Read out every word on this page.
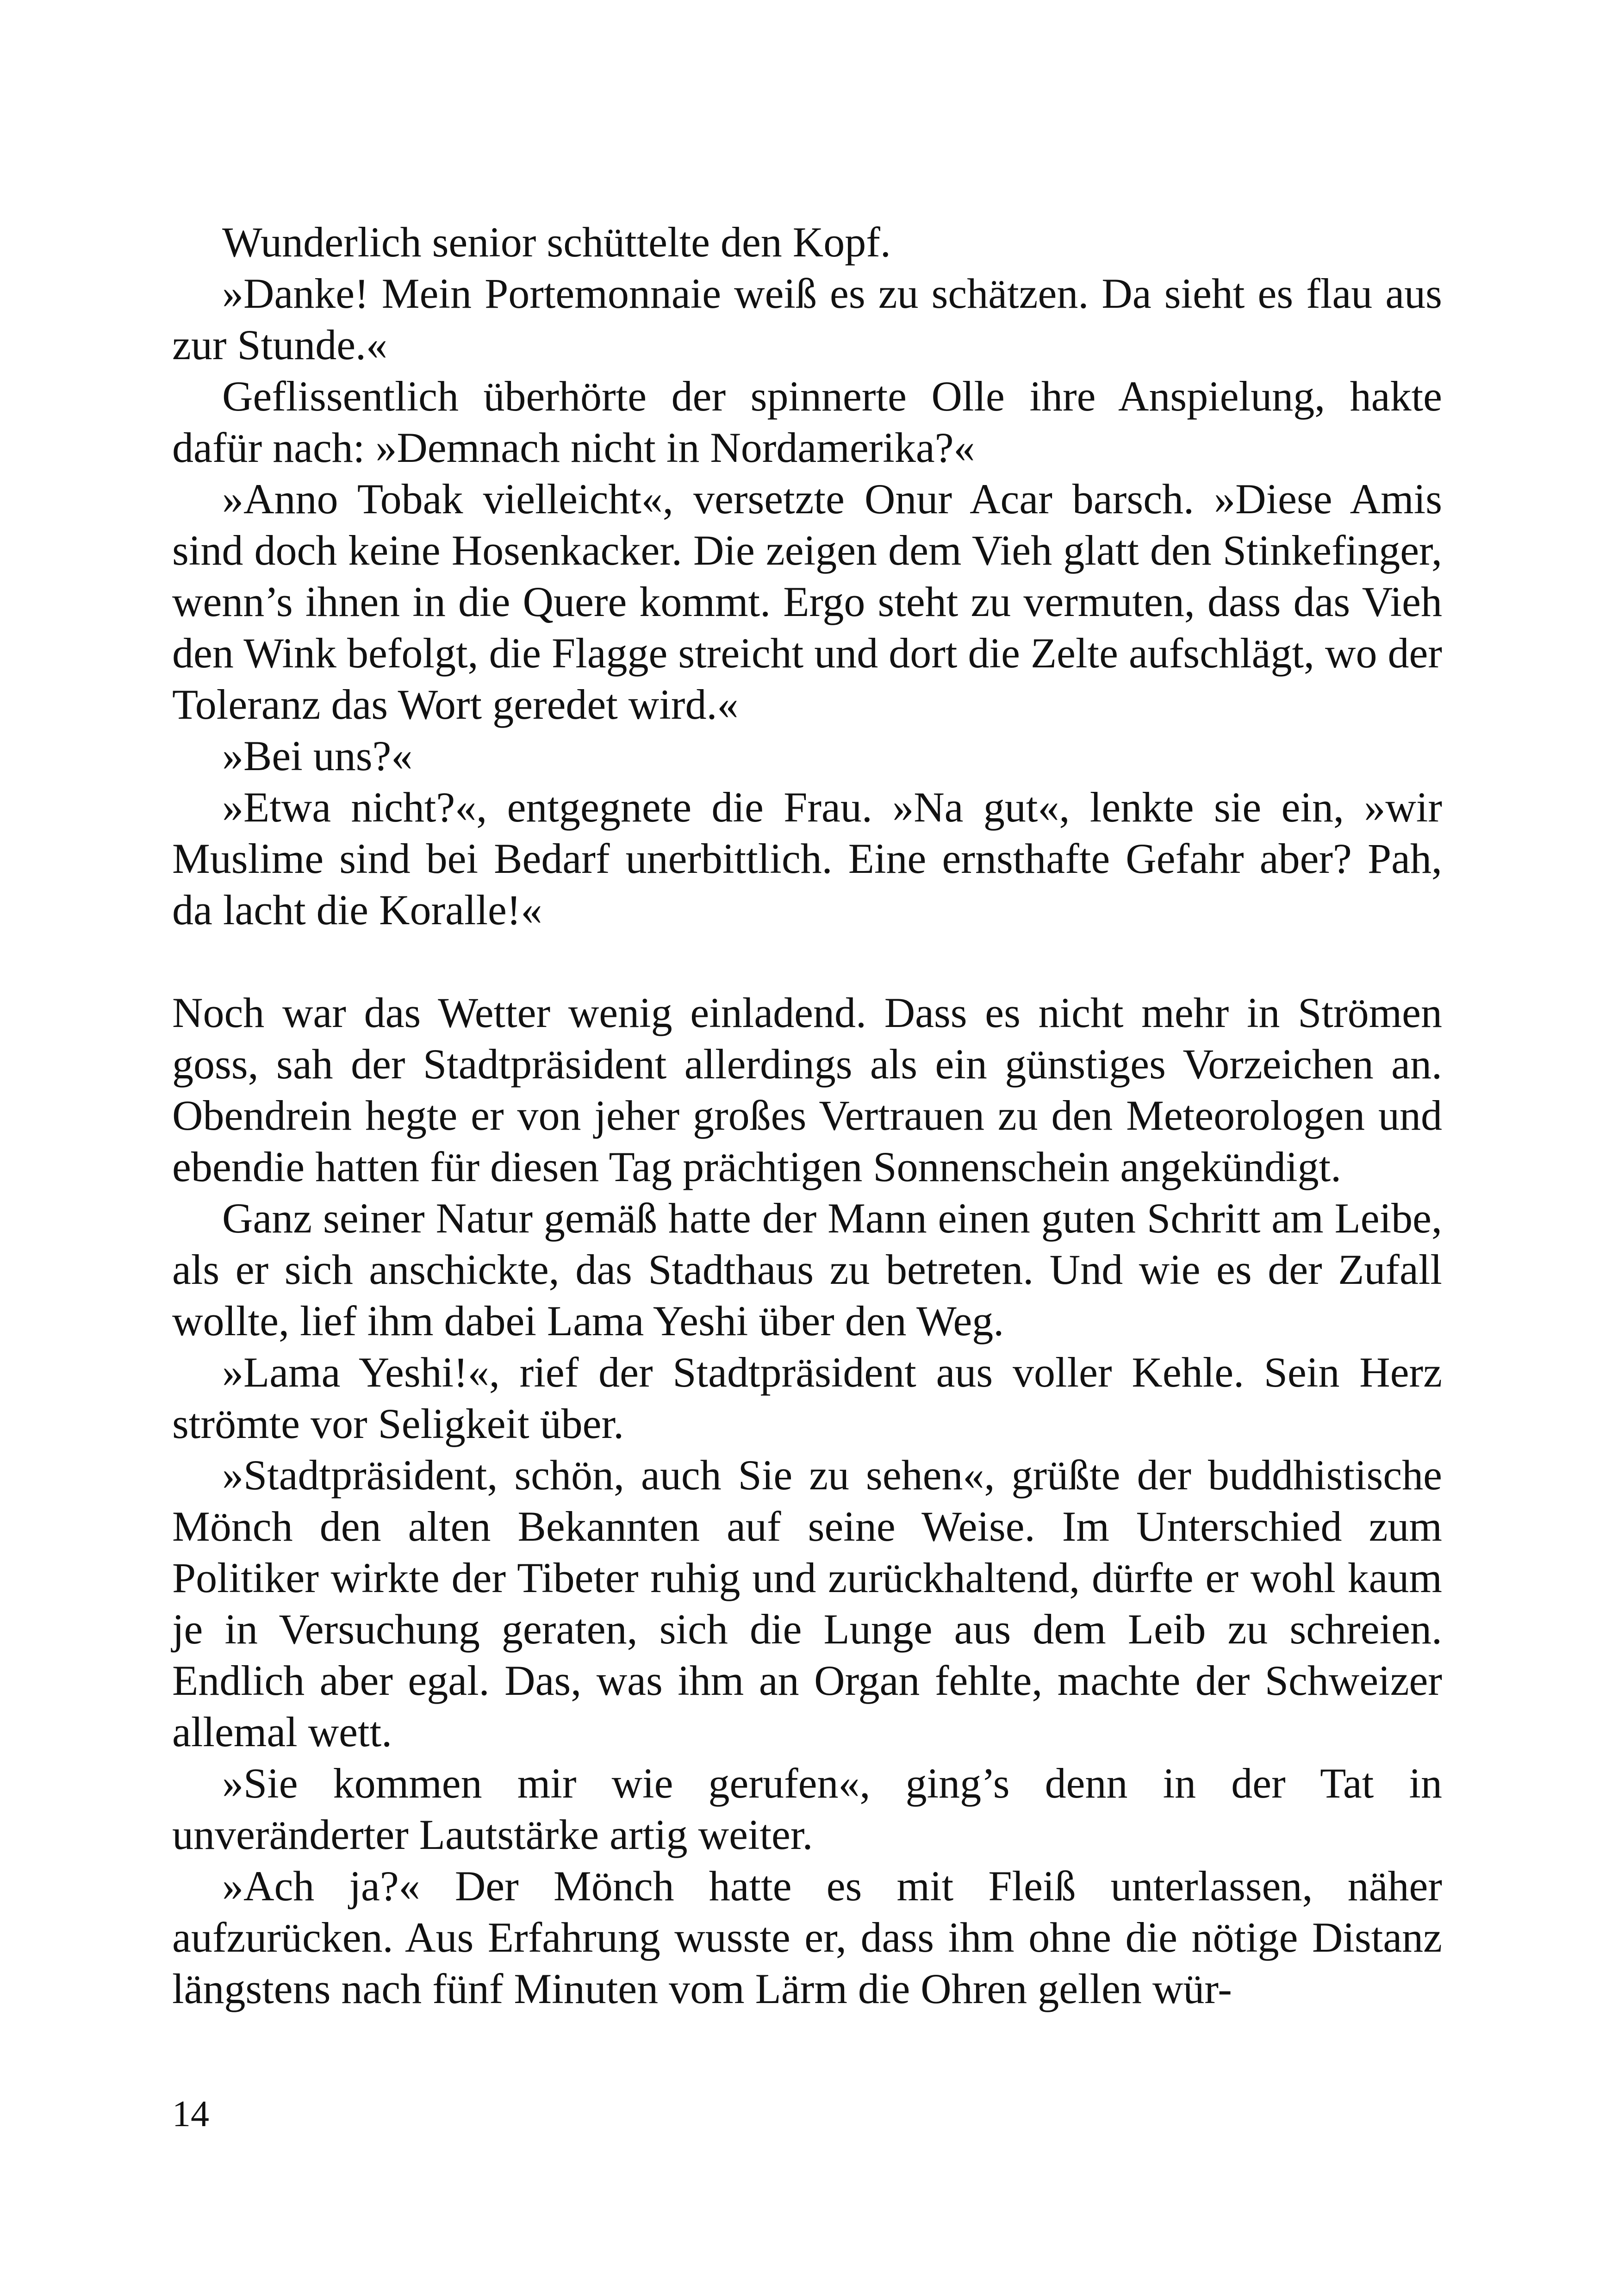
Wunderlich senior schüttelte den Kopf.

»Danke! Mein Portemonnaie weiß es zu schätzen. Da sieht es flau aus zur Stunde.«

Geflissentlich überhörte der spinnerte Olle ihre Anspielung, hakte dafür nach: »Demnach nicht in Nordamerika?«

»Anno Tobak vielleicht«, versetzte Onur Acar barsch. »Diese Amis sind doch keine Hosenkacker. Die zeigen dem Vieh glatt den Stinkefinger, wenn’s ihnen in die Quere kommt. Ergo steht zu vermuten, dass das Vieh den Wink befolgt, die Flagge streicht und dort die Zelte aufschlägt, wo der Toleranz das Wort geredet wird.«

»Bei uns?«

»Etwa nicht?«, entgegnete die Frau. »Na gut«, lenkte sie ein, »wir Muslime sind bei Bedarf unerbittlich. Eine ernsthafte Gefahr aber? Pah, da lacht die Koralle!«

Noch war das Wetter wenig einladend. Dass es nicht mehr in Strömen goss, sah der Stadtpräsident allerdings als ein günstiges Vorzeichen an. Obendrein hegte er von jeher großes Vertrauen zu den Meteorologen und ebendie hatten für diesen Tag prächtigen Sonnenschein angekündigt.

Ganz seiner Natur gemäß hatte der Mann einen guten Schritt am Leibe, als er sich anschickte, das Stadthaus zu betreten. Und wie es der Zufall wollte, lief ihm dabei Lama Yeshi über den Weg.

»Lama Yeshi!«, rief der Stadtpräsident aus voller Kehle. Sein Herz strömte vor Seligkeit über.

»Stadtpräsident, schön, auch Sie zu sehen«, grüßte der buddhistische Mönch den alten Bekannten auf seine Weise. Im Unterschied zum Politiker wirkte der Tibeter ruhig und zurückhaltend, dürfte er wohl kaum je in Versuchung geraten, sich die Lunge aus dem Leib zu schreien. Endlich aber egal. Das, was ihm an Organ fehlte, machte der Schweizer allemal wett.

»Sie kommen mir wie gerufen«, ging’s denn in der Tat in unveränderter Lautstärke artig weiter.

»Ach ja?« Der Mönch hatte es mit Fleiß unterlassen, näher aufzurücken. Aus Erfahrung wusste er, dass ihm ohne die nötige Distanz längstens nach fünf Minuten vom Lärm die Ohren gellen wür-

14
